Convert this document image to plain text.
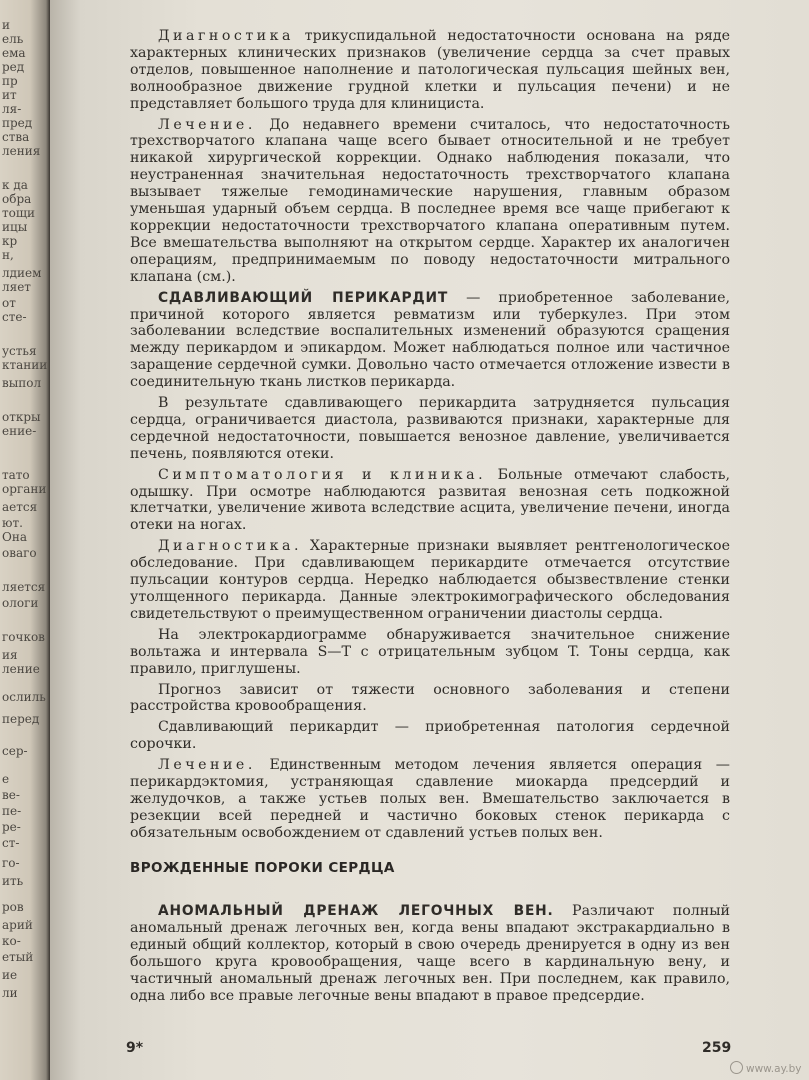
и
ель
ема
ред
пр
ит
ля-
пред
ства
ления
к да
обра
тощи
ицы
кр
н,
лдием
ляет
от
сте-
устья
ктании
выпол
откры
ение-
тато
органи
ается
ют.
Она
оваго
ляется
ологи
гочков
ия
ление
ослиль
перед
сер-
е
ве-
пе-
ре-
ст-
го-
ить
ров
арий
ко-
етый
ие
ли

Диагностика трикуспидальной недостаточности основана на ряде характерных клинических признаков (увеличение сердца за счет правых отделов, повышенное наполнение и патологическая пульсация шейных вен, волнообразное движение грудной клетки и пульсация печени) и не представляет большого труда для клинициста.

Лечение. До недавнего времени считалось, что недостаточность трехстворчатого клапана чаще всего бывает относительной и не требует никакой хирургической коррекции. Однако наблюдения показали, что неустраненная значительная недостаточность трехстворчатого клапана вызывает тяжелые гемодинамические нарушения, главным образом уменьшая ударный объем сердца. В последнее время все чаще прибегают к коррекции недостаточности трехстворчатого клапана оперативным путем. Все вмешательства выполняют на открытом сердце. Характер их аналогичен операциям, предпринимаемым по поводу недостаточности митрального клапана (см.).

СДАВЛИВАЮЩИЙ ПЕРИКАРДИТ — приобретенное заболевание, причиной которого является ревматизм или туберкулез. При этом заболевании вследствие воспалительных изменений образуются сращения между перикардом и эпикардом. Может наблюдаться полное или частичное заращение сердечной сумки. Довольно часто отмечается отложение извести в соединительную ткань листков перикарда.

В результате сдавливающего перикардита затрудняется пульсация сердца, ограничивается диастола, развиваются признаки, характерные для сердечной недостаточности, повышается венозное давление, увеличивается печень, появляются отеки.

Симптоматология и клиника. Больные отмечают слабость, одышку. При осмотре наблюдаются развитая венозная сеть подкожной клетчатки, увеличение живота вследствие асцита, увеличение печени, иногда отеки на ногах.

Диагностика. Характерные признаки выявляет рентгенологическое обследование. При сдавливающем перикардите отмечается отсутствие пульсации контуров сердца. Нередко наблюдается обызвествление стенки утолщенного перикарда. Данные электрокимографического обследования свидетельствуют о преимущественном ограничении диастолы сердца.

На электрокардиограмме обнаруживается значительное снижение вольтажа и интервала S—T с отрицательным зубцом T. Тоны сердца, как правило, приглушены.

Прогноз зависит от тяжести основного заболевания и степени расстройства кровообращения.

Сдавливающий перикардит — приобретенная патология сердечной сорочки.

Лечение. Единственным методом лечения является операция — перикардэктомия, устраняющая сдавление миокарда предсердий и желудочков, а также устьев полых вен. Вмешательство заключается в резекции всей передней и частично боковых стенок перикарда с обязательным освобождением от сдавлений устьев полых вен.

ВРОЖДЕННЫЕ ПОРОКИ СЕРДЦА

АНОМАЛЬНЫЙ ДРЕНАЖ ЛЕГОЧНЫХ ВЕН. Различают полный аномальный дренаж легочных вен, когда вены впадают экстракардиально в единый общий коллектор, который в свою очередь дренируется в одну из вен большого круга кровообращения, чаще всего в кардинальную вену, и частичный аномальный дренаж легочных вен. При последнем, как правило, одна либо все правые легочные вены впадают в правое предсердие.

9*	259
www.ay.by
